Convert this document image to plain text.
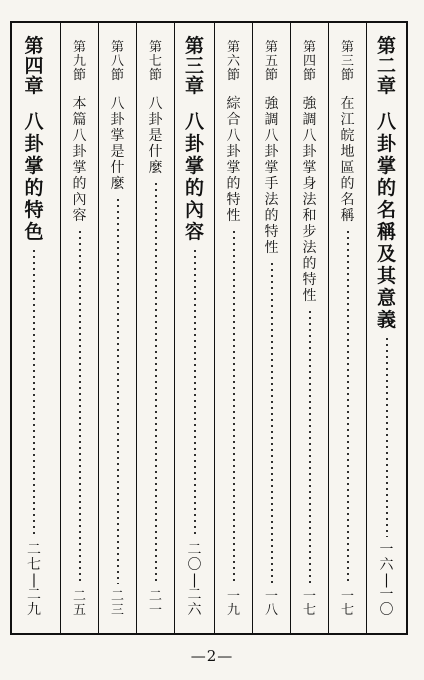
第
二
章
八
卦
掌
的
名
稱
及
其
意
義
一
六
|
一
〇
第
三
節
在
江
皖
地
區
的
名
稱
一
七
第
四
節
強
調
八
卦
掌
身
法
和
步
法
的
特
性
一
七
第
五
節
強
調
八
卦
掌
手
法
的
特
性
一
八
第
六
節
綜
合
八
卦
掌
的
特
性
一
九
第
三
章
八
卦
掌
的
內
容
二
〇
|
二
六
第
七
節
八
卦
是
什
麼
二
一
第
八
節
八
卦
掌
是
什
麼
二
三
第
九
節
本
篇
八
卦
掌
的
內
容
二
五
第
四
章
八
卦
掌
的
特
色
二
七
|
二
九
—2—
